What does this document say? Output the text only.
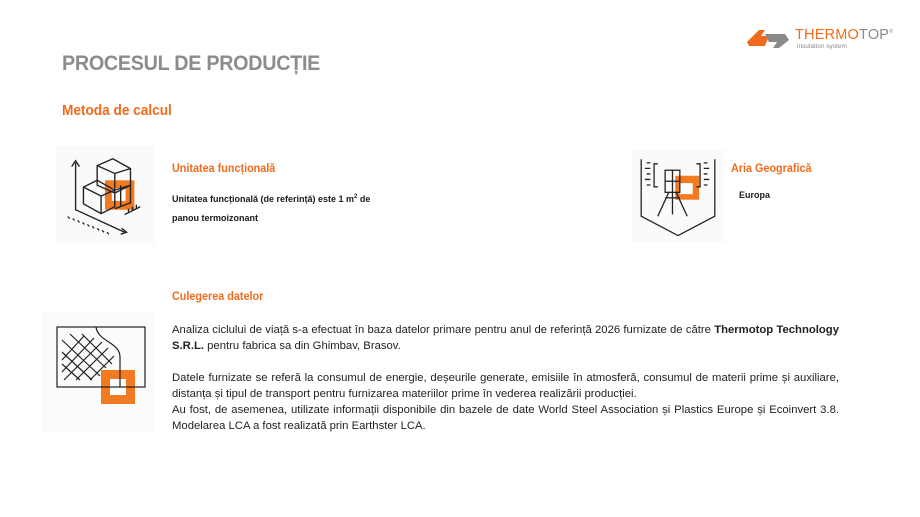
THERMOTOP®
insulation system
PROCESUL DE PRODUCȚIE
Metoda de calcul
Unitatea funcțională
Unitatea funcțională (de referință) este 1 $m^2$ de
panou termoizonant
Aria Geografică
Europa
Culegerea datelor

Analiza ciclului de viață s-a efectuat în baza datelor primare pentru anul de referință 2026 furnizate de către Thermotop Technology S.R.L. pentru fabrica sa din Ghimbav, Brasov.

Datele furnizate se referă la consumul de energie, deșeurile generate, emisiile în atmosferă, consumul de materii prime și auxiliare, distanța și tipul de transport pentru furnizarea materiilor prime în vederea realizării producției.
Au fost, de asemenea, utilizate informații disponibile din bazele de date World Steel Association și Plastics Europe și Ecoinvert 3.8. Modelarea LCA a fost realizată prin Earthster LCA.
